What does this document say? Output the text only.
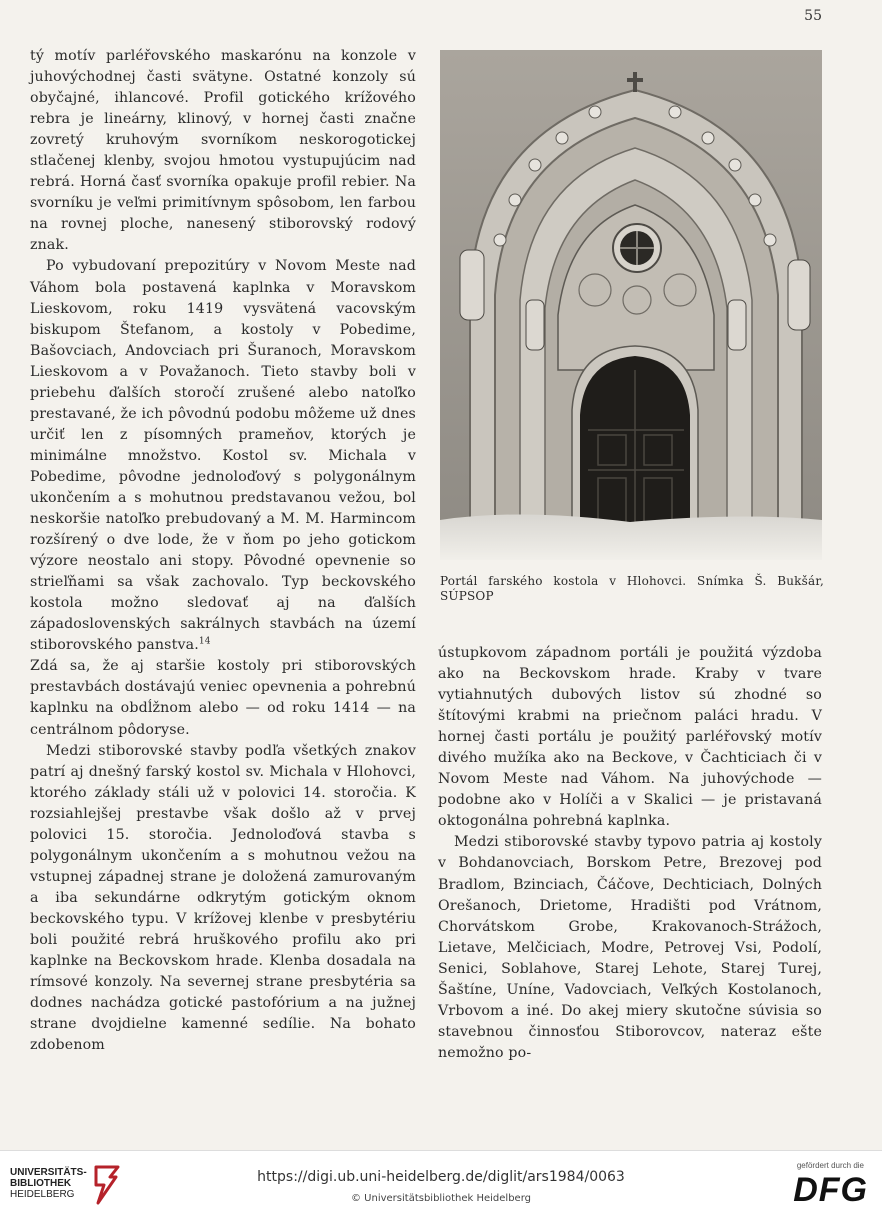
55

tý motív parléřovského maskarónu na konzole v juhovýchodnej časti svätyne. Ostatné konzoly sú obyčajné, ihlancové. Profil gotického krížového rebra je lineárny, klinový, v hornej časti značne zovretý kruhovým svorníkom neskorogotickej stlačenej klenby, svojou hmotou vystupujúcim nad rebrá. Horná časť svorníka opakuje profil rebier. Na svorníku je veľmi primitívnym spôsobom, len farbou na rovnej ploche, nanesený stiborovský rodový znak.

Po vybudovaní prepozitúry v Novom Meste nad Váhom bola postavená kaplnka v Moravskom Lieskovom, roku 1419 vysvätená vacovským biskupom Štefanom, a kostoly v Pobedime, Bašovciach, Andovciach pri Šuranoch, Moravskom Lieskovom a v Považanoch. Tieto stavby boli v priebehu ďalších storočí zrušené alebo natoľko prestavané, že ich pôvodnú podobu môžeme už dnes určiť len z písomných prameňov, ktorých je minimálne množstvo. Kostol sv. Michala v Pobedime, pôvodne jednoloďový s polygonálnym ukončením a s mohutnou predstavanou vežou, bol neskoršie natoľko prebudovaný a M. M. Harmincom rozšírený o dve lode, že v ňom po jeho gotickom výzore neostalo ani stopy. Pôvodné opevnenie so strieľňami sa však zachovalo. Typ beckovského kostola možno sledovať aj na ďalších západoslovenských sakrálnych stavbách na území stiborovského panstva.$^{14}$

Zdá sa, že aj staršie kostoly pri stiborovských prestavbách dostávajú veniec opevnenia a pohrebnú kaplnku na obdĺžnom alebo — od roku 1414 — na centrálnom pôdoryse.

Medzi stiborovské stavby podľa všetkých znakov patrí aj dnešný farský kostol sv. Michala v Hlohovci, ktorého základy stáli už v polovici 14. storočia. K rozsiahlejšej prestavbe však došlo až v prvej polovici 15. storočia. Jednoloďová stavba s polygonálnym ukončením a s mohutnou vežou na vstupnej západnej strane je doložená zamurovaným a iba sekundárne odkrytým gotickým oknom beckovského typu. V krížovej klenbe v presbytériu boli použité rebrá hruškového profilu ako pri kaplnke na Beckovskom hrade. Klenba dosadala na rímsové konzoly. Na severnej strane presbytéria sa dodnes nachádza gotické pastofórium a na južnej strane dvojdielne kamenné sedílie. Na bohato zdobenom

Portál farského kostola v Hlohovci. Snímka Š. Bukšár, SÚPSOP

ústupkovom západnom portáli je použitá výzdoba ako na Beckovskom hrade. Kraby v tvare vytiahnutých dubových listov sú zhodné so štítovými krabmi na priečnom paláci hradu. V hornej časti portálu je použitý parléřovský motív divého mužíka ako na Beckove, v Čachticiach či v Novom Meste nad Váhom. Na juhovýchode — podobne ako v Holíči a v Skalici — je pristavaná oktogonálna pohrebná kaplnka.

Medzi stiborovské stavby typovo patria aj kostoly v Bohdanovciach, Borskom Petre, Brezovej pod Bradlom, Bzinciach, Čáčove, Dechticiach, Dolných Orešanoch, Drietome, Hradišti pod Vrátnom, Chorvátskom Grobe, Krakovanoch-Strážoch, Lietave, Melčiciach, Modre, Petrovej Vsi, Podolí, Senici, Soblahove, Starej Lehote, Starej Turej, Šaštíne, Uníne, Vadovciach, Veľkých Kostolanoch, Vrbovom a iné. Do akej miery skutočne súvisia so stavebnou činnosťou Stiborovcov, nateraz ešte nemožno po-

UNIVERSITÄTS-
BIBLIOTHEK
HEIDELBERG
https://digi.ub.uni-heidelberg.de/diglit/ars1984/0063
© Universitätsbibliothek Heidelberg
gefördert durch die
DFG
